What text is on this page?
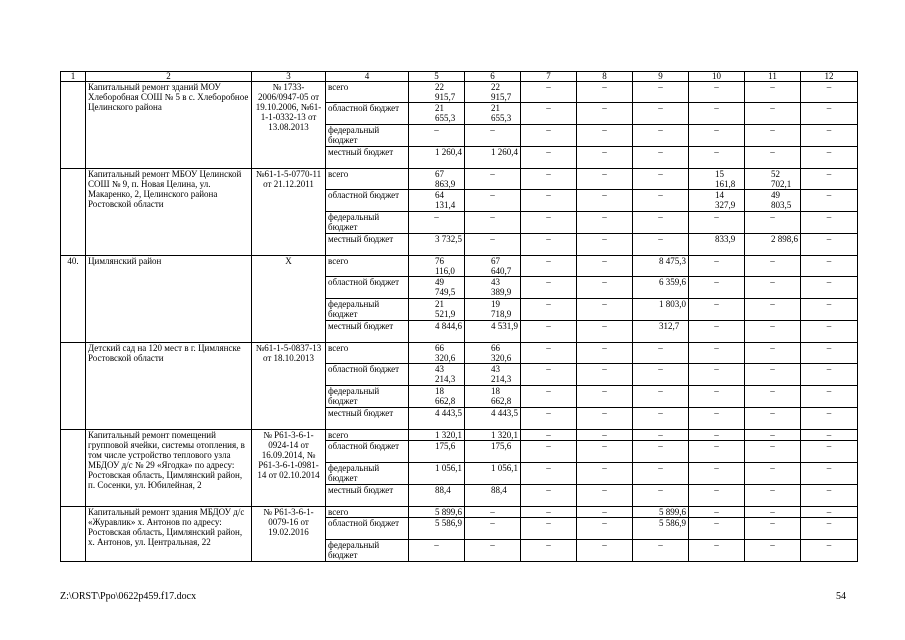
1	2	3	4	5	6	7	8	9	10	11	12
	Капитальный ремонт зданий МОУ Хлеборобная СОШ № 5 в с. Хлеборобное Целинского района	№ 1733-2006/0947-05 от 19.10.2006, №61-1-1-0332-13 от 13.08.2013	всего	22 915,7	22 915,7	–	–	–	–	–	–
			областной бюджет	21 655,3	21 655,3	–	–	–	–	–	–
			федеральный бюджет	–	–	–	–	–	–	–	–
			местный бюджет	1 260,4	1 260,4	–	–	–	–	–	–
	Капитальный ремонт МБОУ Целинской СОШ № 9, п. Новая Целина, ул. Макаренко, 2, Целинского района Ростовской области	№61-1-5-0770-11 от 21.12.2011	всего	67 863,9	–	–	–	–	15 161,8	52 702,1	–
			областной бюджет	64 131,4	–	–	–	–	14 327,9	49 803,5	–
			федеральный бюджет	–	–	–	–	–	–	–	–
			местный бюджет	3 732,5	–	–	–	–	833,9	2 898,6	–
40.	Цимлянский район	Х	всего	76 116,0	67 640,7	–	–	8 475,3	–	–	–
			областной бюджет	49 749,5	43 389,9	–	–	6 359,6	–	–	–
			федеральный бюджет	21 521,9	19 718,9	–	–	1 803,0	–	–	–
			местный бюджет	4 844,6	4 531,9	–	–	312,7	–	–	–
	Детский сад на 120 мест в г. Цимлянске Ростовской области	№61-1-5-0837-13 от 18.10.2013	всего	66 320,6	66 320,6	–	–	–	–	–	–
			областной бюджет	43 214,3	43 214,3	–	–	–	–	–	–
			федеральный бюджет	18 662,8	18 662,8	–	–	–	–	–	–
			местный бюджет	4 443,5	4 443,5	–	–	–	–	–	–
	Капитальный ремонт помещений групповой ячейки, системы отопления, в том числе устройство теплового узла МБДОУ д/с № 29 «Ягодка» по адресу: Ростовская область, Цимлянский район, п. Сосенки, ул. Юбилейная, 2	№ Р61-3-6-1-0924-14 от 16.09.2014, № Р61-3-6-1-0981-14 от 02.10.2014	всего	1 320,1	1 320,1	–	–	–	–	–	–
			областной бюджет	175,6	175,6	–	–	–	–	–	–
			федеральный бюджет	1 056,1	1 056,1	–	–	–	–	–	–
			местный бюджет	88,4	88,4	–	–	–	–	–	–
	Капитальный ремонт здания МБДОУ д/с «Журавлик» х. Антонов по адресу: Ростовская область, Цимлянский район, х. Антонов, ул. Центральная, 22	№ Р61-3-6-1-0079-16 от 19.02.2016	всего	5 899,6	–	–	–	5 899,6	–	–	–
			областной бюджет	5 586,9	–	–	–	5 586,9	–	–	–
			федеральный бюджет	–	–	–	–	–	–	–	–
Z:\ORST\Ppo\0622p459.f17.docx	54
